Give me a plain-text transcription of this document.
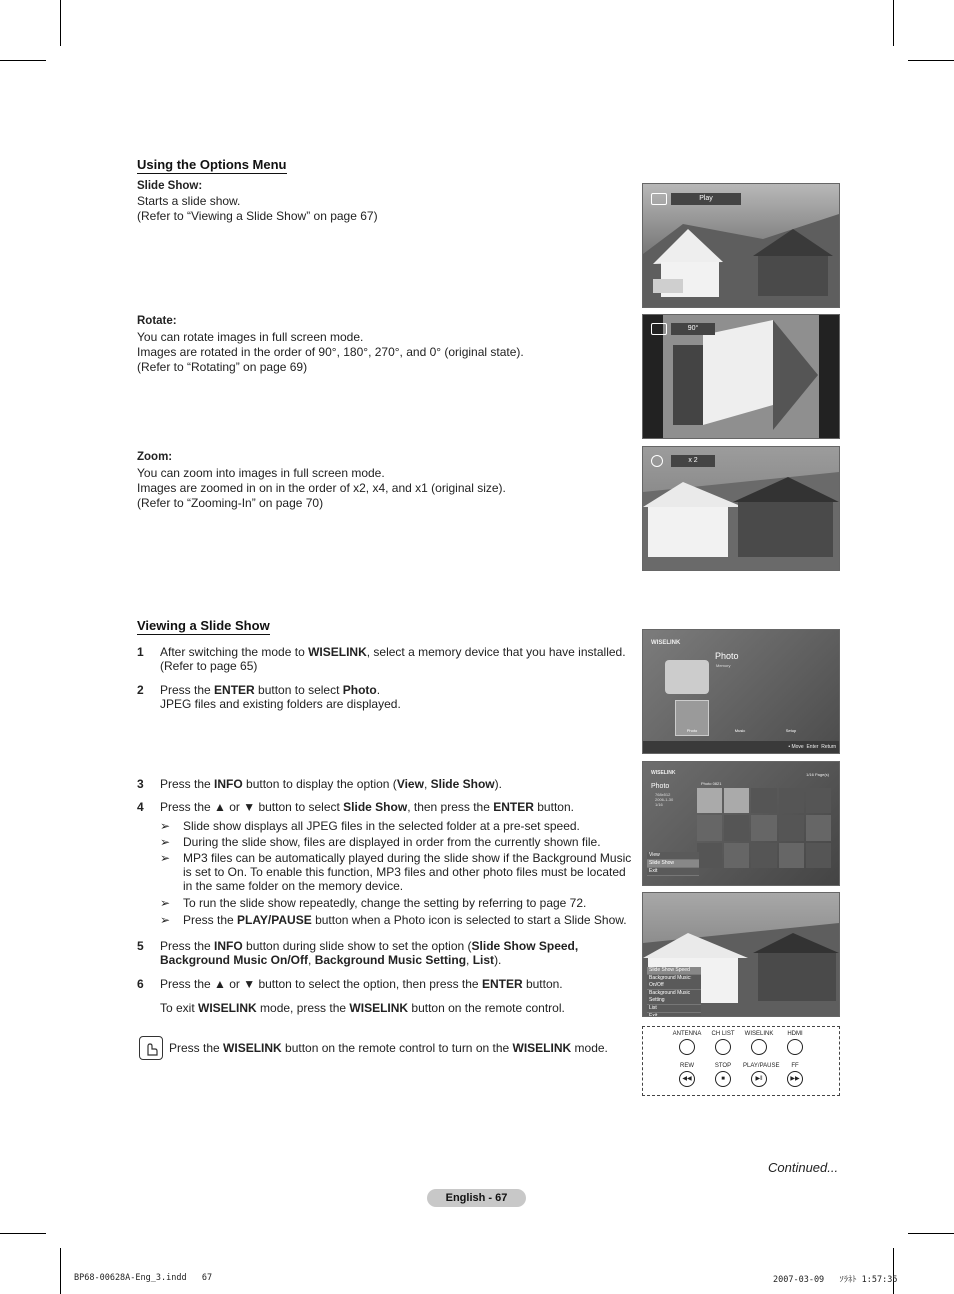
Using the Options Menu
Slide Show:
Starts a slide show.
(Refer to “Viewing a Slide Show” on page 67)
Rotate:
You can rotate images in full screen mode.
Images are rotated in the order of 90°, 180°, 270°, and 0° (original state).
(Refer to “Rotating” on page 69)
Zoom:
You can zoom into images in full screen mode.
Images are zoomed in on in the order of x2, x4, and x1 (original size).
(Refer to “Zooming-In” on page 70)
Play
90°
x 2
Viewing a Slide Show
1 After switching the mode to WISELINK, select a memory device that you have installed.
(Refer to page 65)
2 Press the ENTER button to select Photo.
JPEG files and existing folders are displayed.
3 Press the INFO button to display the option (View, Slide Show).
4 Press the ▲ or ▼ button to select Slide Show, then press the ENTER button.
➢ Slide show displays all JPEG files in the selected folder at a pre-set speed.
➢ During the slide show, files are displayed in order from the currently shown file.
➢ MP3 files can be automatically played during the slide show if the Background Music is set to On. To enable this function, MP3 files and other photo files must be located in the same folder on the memory device.
➢ To run the slide show repeatedly, change the setting by referring to page 72.
➢ Press the PLAY/PAUSE button when a Photo icon is selected to start a Slide Show.
5 Press the INFO button during slide show to set the option (Slide Show Speed,
Background Music On/Off, Background Music Setting, List).
6 Press the ▲ or ▼ button to select the option, then press the ENTER button.
To exit WISELINK mode, press the WISELINK button on the remote control.
Press the WISELINK button on the remote control to turn on the WISELINK mode.
WISELINK
Photo
Memory
Photo	Music	Setup
• Move Enter Return
WISELINK
Photo
768x512
2006-1-30
1/16
Photo 0821
1/16 Page(s)
View
Slide Show
Exit
Slide Show Speed
Background Music: On/Off
Background Music Setting
List
Exit
ANTENNA	CH LIST	WISELINK	HDMI
REW
◀◀
STOP
■
PLAY/PAUSE
▶‖
FF
▶▶
Continued...
English - 67
BP68-00628A-Eng_3.indd   67	2007-03-09   ｿﾗﾈﾄ 1:57:35
